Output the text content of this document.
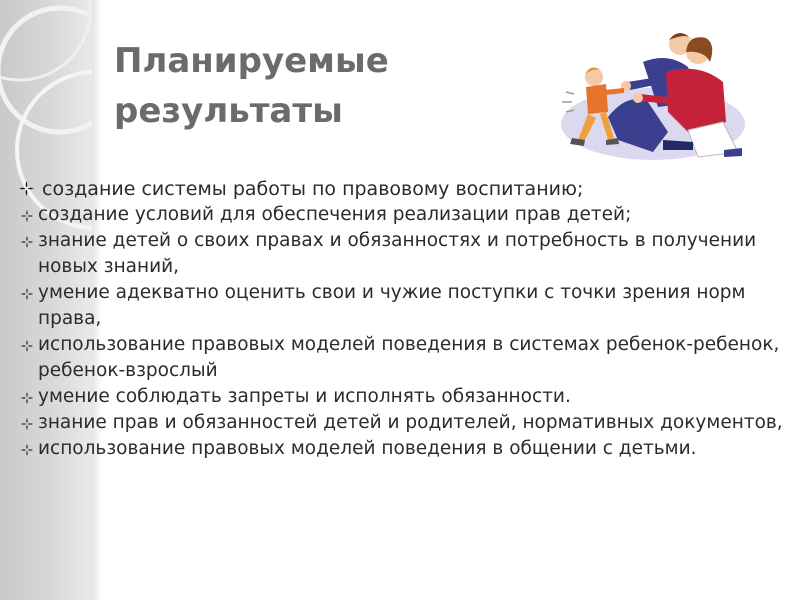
Планируемые
результаты
создание системы работы по правовому воспитанию;
создание условий для обеспечения реализации прав детей;
знание детей о своих правах и обязанностях и потребность в получении новых знаний,
умение адекватно оценить свои и чужие поступки с точки зрения норм права,
использование правовых моделей поведения в системах ребенок-ребенок, ребенок-взрослый
умение соблюдать запреты и исполнять обязанности.
знание прав и обязанностей детей и родителей, нормативных документов,
использование правовых моделей поведения в общении с детьми.
